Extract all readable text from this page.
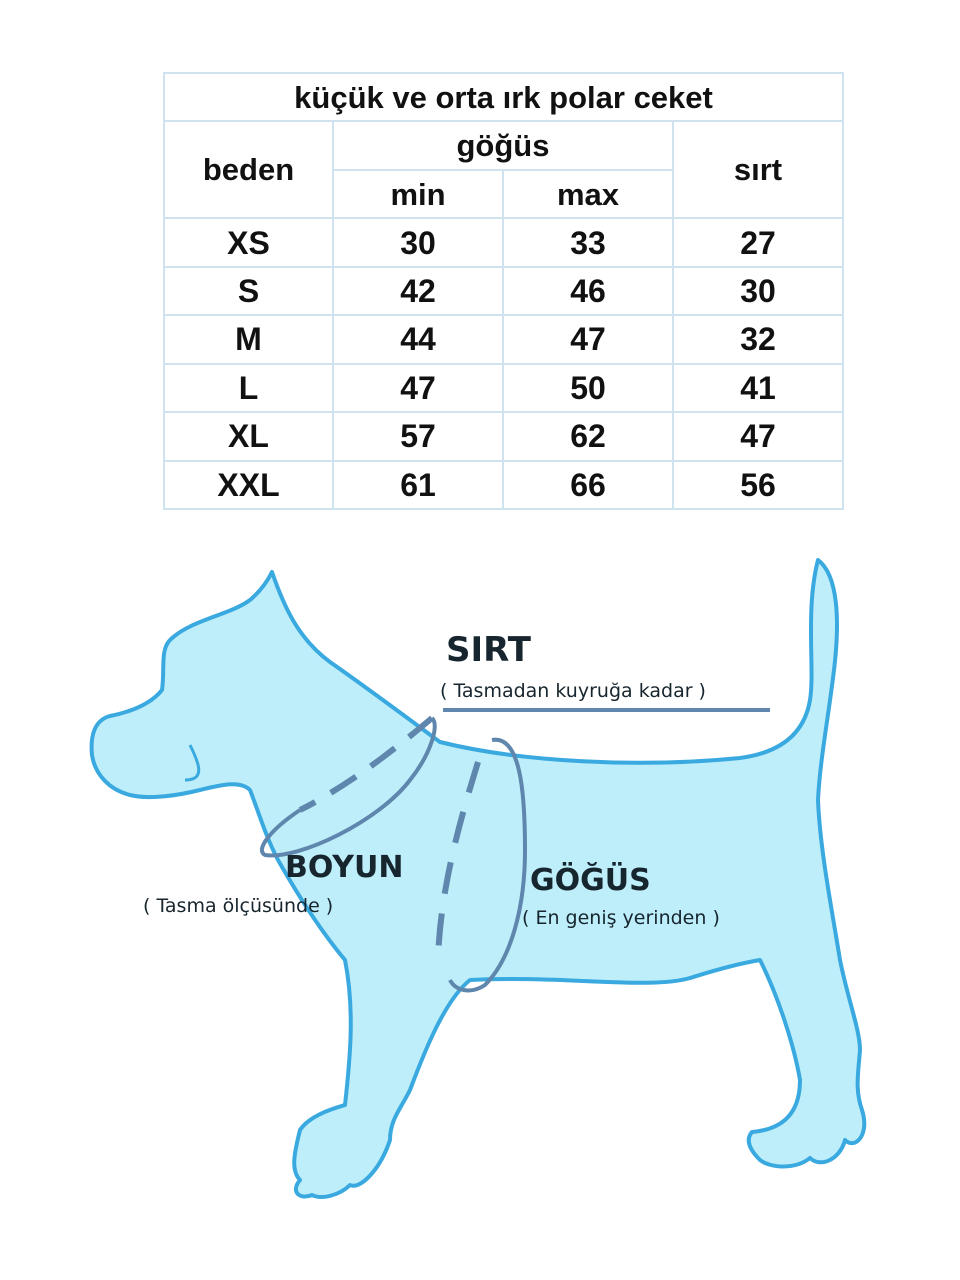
küçük ve orta ırk polar ceket			
beden	göğüs		sırt
	min	max	
XS	30	33	27
S	42	46	30
M	44	47	32
L	47	50	41
XL	57	62	47
XXL	61	66	56
SIRT
( Tasmadan kuyruğa kadar )
BOYUN
( Tasma ölçüsünde )
GÖĞÜS
( En geniş yerinden )
